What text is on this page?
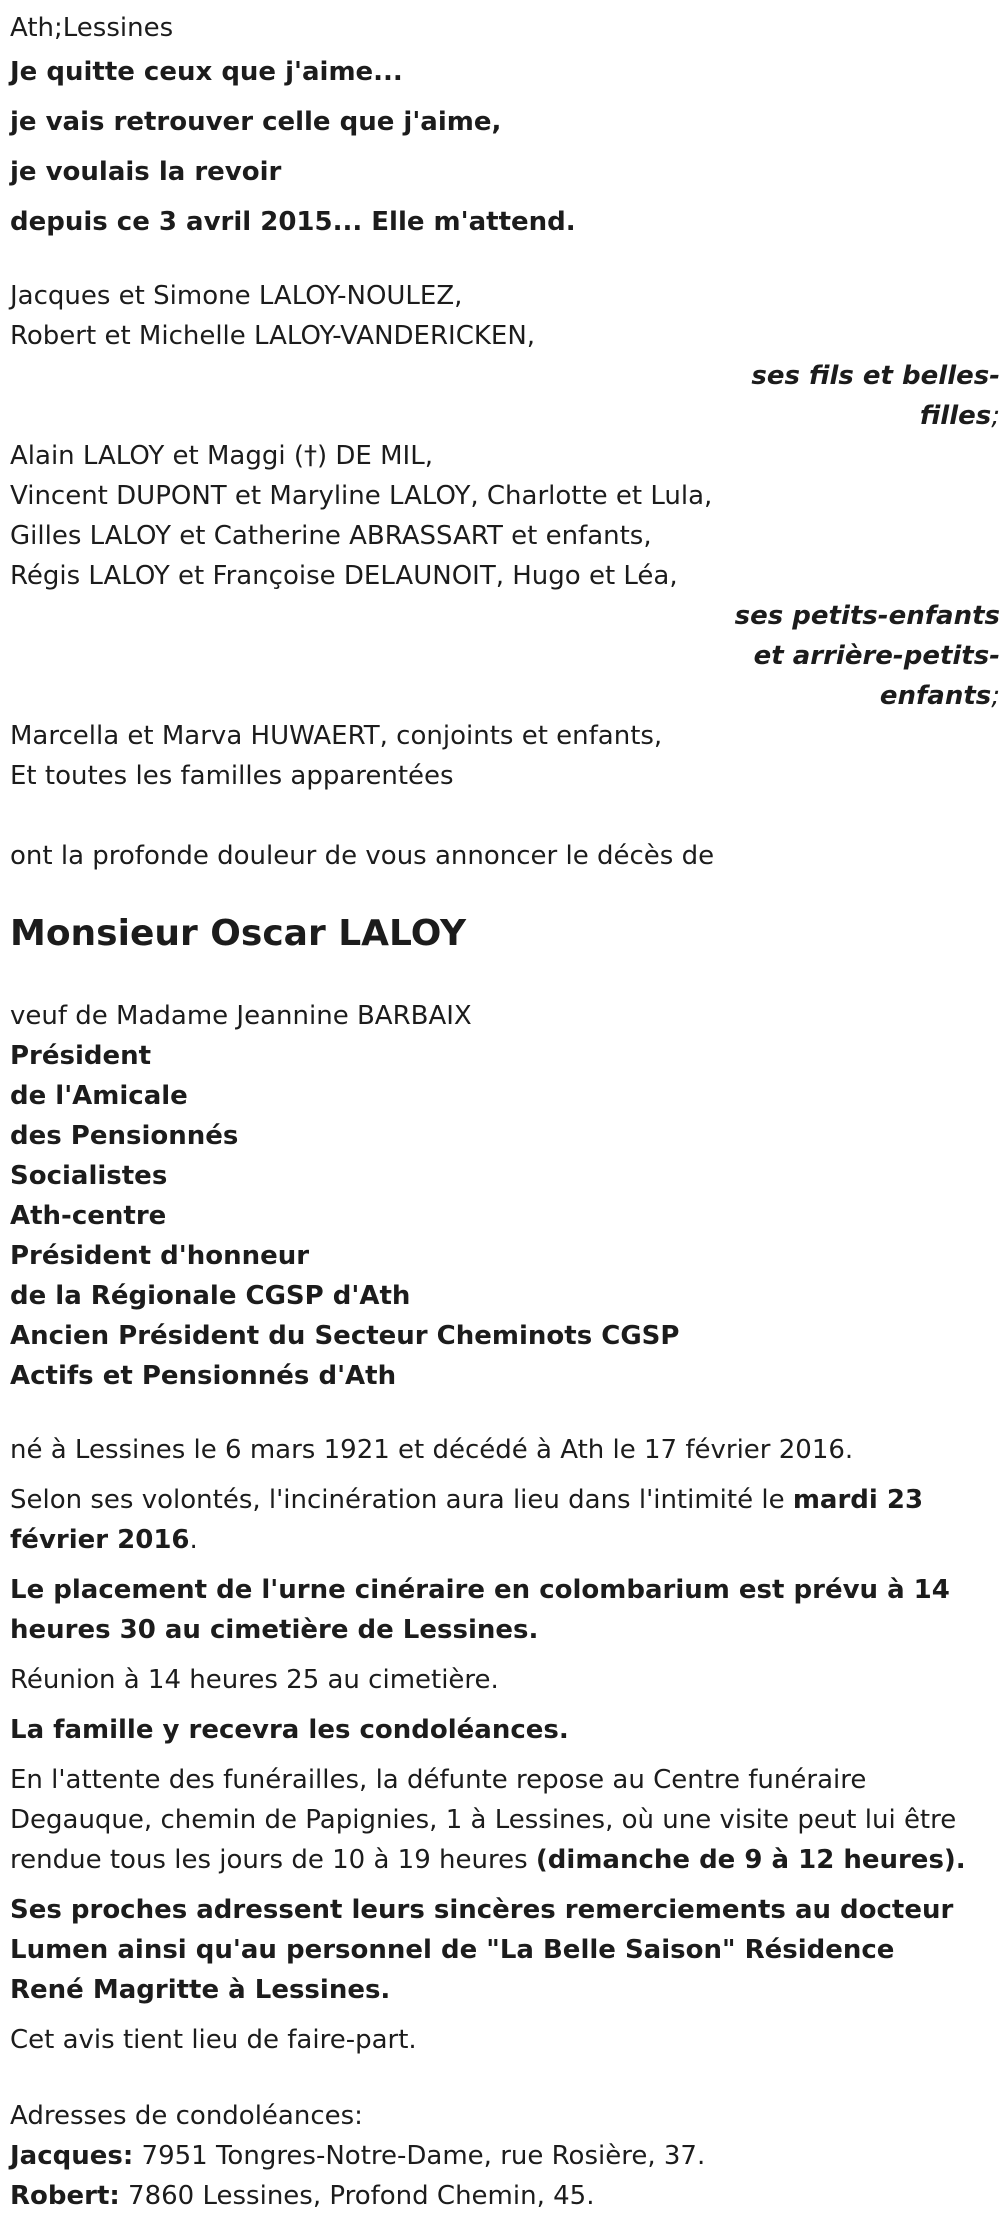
Ath;Lessines

Je quitte ceux que j'aime...

je vais retrouver celle que j'aime,

je voulais la revoir

depuis ce 3 avril 2015... Elle m'attend.

Jacques et Simone LALOY-NOULEZ,

Robert et Michelle LALOY-VANDERICKEN,

ses fils et belles-
filles;

Alain LALOY et Maggi (†) DE MIL,

Vincent DUPONT et Maryline LALOY, Charlotte et Lula,

Gilles LALOY et Catherine ABRASSART et enfants,

Régis LALOY et Françoise DELAUNOIT, Hugo et Léa,

ses petits-enfants
et arrière-petits-
enfants;

Marcella et Marva HUWAERT, conjoints et enfants,

Et toutes les familles apparentées

ont la profonde douleur de vous annoncer le décès de

Monsieur Oscar LALOY

veuf de Madame Jeannine BARBAIX

Président

de l'Amicale

des Pensionnés

Socialistes

Ath-centre

Président d'honneur

de la Régionale CGSP d'Ath

Ancien Président du Secteur Cheminots CGSP

Actifs et Pensionnés d'Ath

né à Lessines le 6 mars 1921 et décédé à Ath le 17 février 2016.

Selon ses volontés, l'incinération aura lieu dans l'intimité le mardi 23 février 2016.

Le placement de l'urne cinéraire en colombarium est prévu à 14 heures 30 au cimetière de Lessines.

Réunion à 14 heures 25 au cimetière.

La famille y recevra les condoléances.

En l'attente des funérailles, la défunte repose au Centre funéraire Degauque, chemin de Papignies, 1 à Lessines, où une visite peut lui être rendue tous les jours de 10 à 19 heures (dimanche de 9 à 12 heures).

Ses proches adressent leurs sincères remerciements au docteur Lumen ainsi qu'au personnel de "La Belle Saison" Résidence René Magritte à Lessines.

Cet avis tient lieu de faire-part.

Adresses de condoléances:

Jacques: 7951 Tongres-Notre-Dame, rue Rosière, 37.

Robert: 7860 Lessines, Profond Chemin, 45.
